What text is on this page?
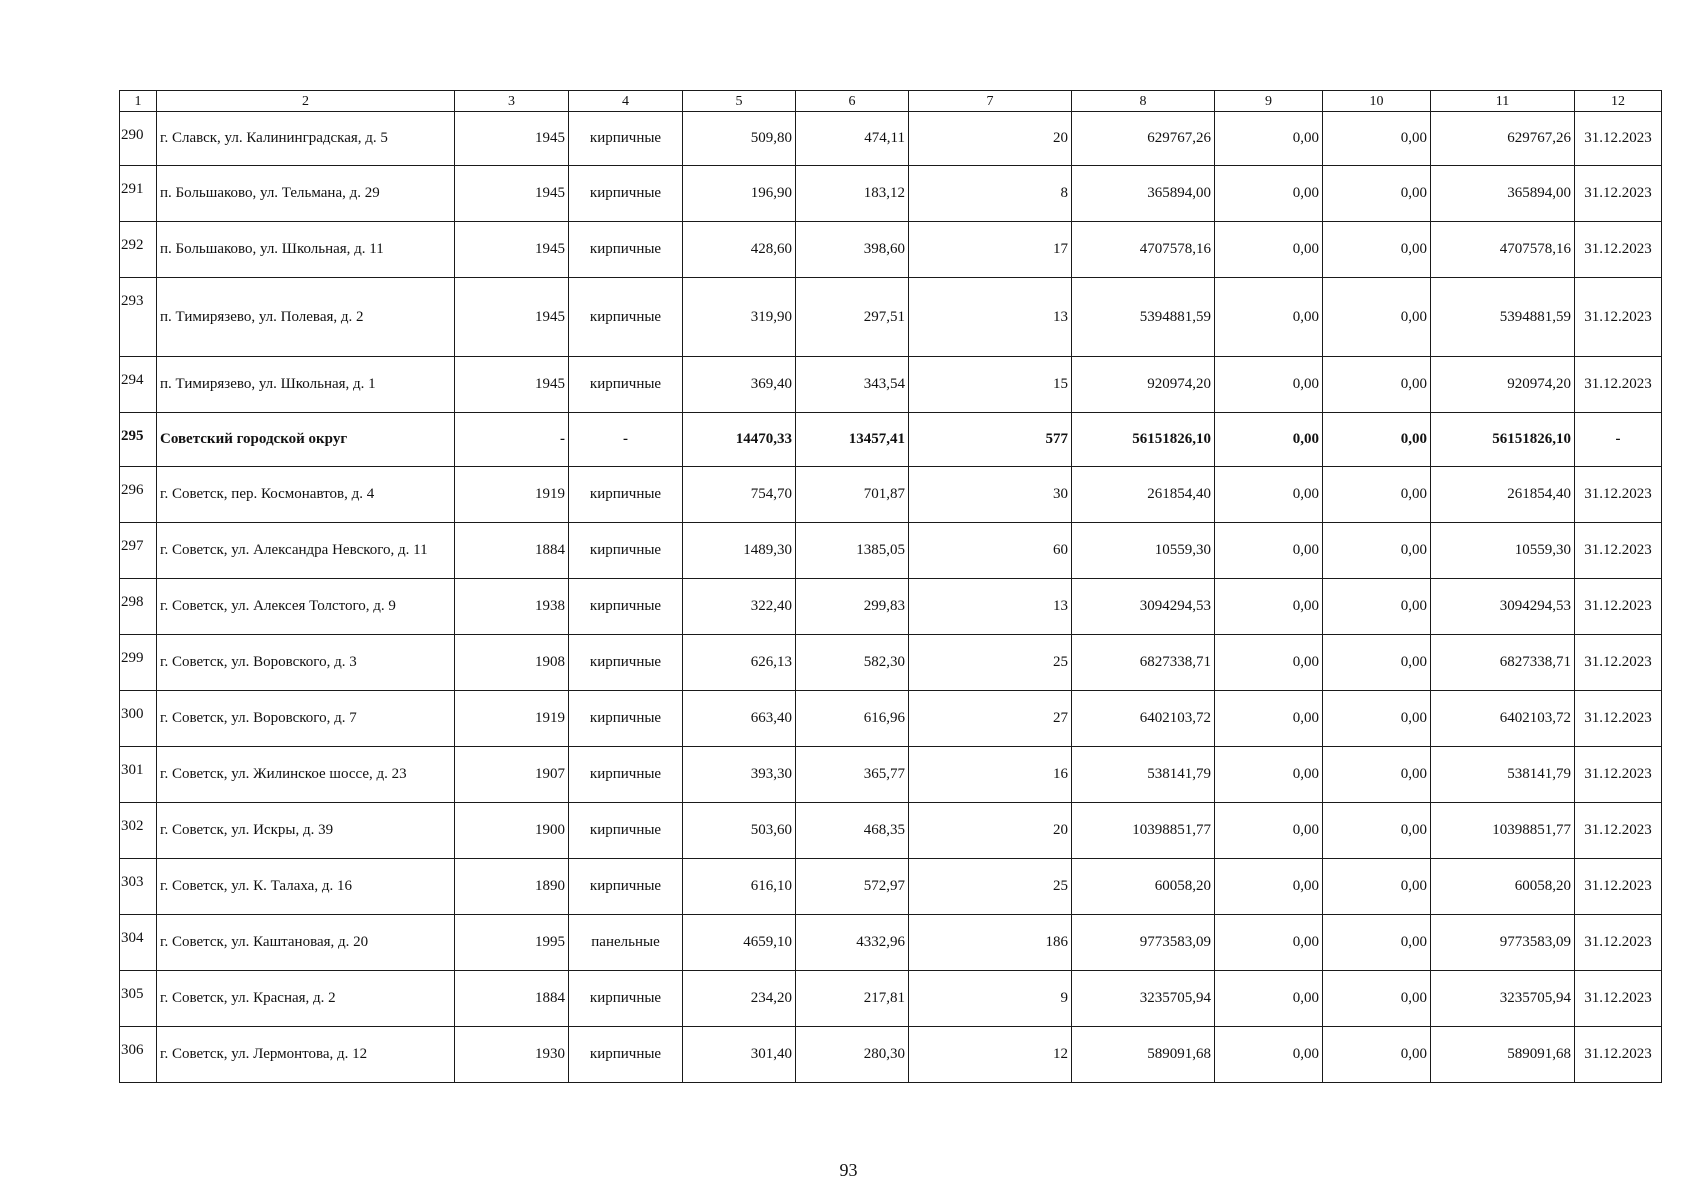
1	2	3	4	5	6	7	8	9	10	11	12
290	г. Славск, ул. Калининградская, д. 5	1945	кирпичные	509,80	474,11	20	629767,26	0,00	0,00	629767,26	31.12.2023
291	п. Большаково, ул. Тельмана, д. 29	1945	кирпичные	196,90	183,12	8	365894,00	0,00	0,00	365894,00	31.12.2023
292	п. Большаково, ул. Школьная, д. 11	1945	кирпичные	428,60	398,60	17	4707578,16	0,00	0,00	4707578,16	31.12.2023
293	п. Тимирязево, ул. Полевая, д. 2	1945	кирпичные	319,90	297,51	13	5394881,59	0,00	0,00	5394881,59	31.12.2023
294	п. Тимирязево, ул. Школьная, д. 1	1945	кирпичные	369,40	343,54	15	920974,20	0,00	0,00	920974,20	31.12.2023
295	Советский городской округ	-	-	14470,33	13457,41	577	56151826,10	0,00	0,00	56151826,10	-
296	г. Советск, пер. Космонавтов, д. 4	1919	кирпичные	754,70	701,87	30	261854,40	0,00	0,00	261854,40	31.12.2023
297	г. Советск, ул. Александра Невского, д. 11	1884	кирпичные	1489,30	1385,05	60	10559,30	0,00	0,00	10559,30	31.12.2023
298	г. Советск, ул. Алексея Толстого, д. 9	1938	кирпичные	322,40	299,83	13	3094294,53	0,00	0,00	3094294,53	31.12.2023
299	г. Советск, ул. Воровского, д. 3	1908	кирпичные	626,13	582,30	25	6827338,71	0,00	0,00	6827338,71	31.12.2023
300	г. Советск, ул. Воровского, д. 7	1919	кирпичные	663,40	616,96	27	6402103,72	0,00	0,00	6402103,72	31.12.2023
301	г. Советск, ул. Жилинское шоссе, д. 23	1907	кирпичные	393,30	365,77	16	538141,79	0,00	0,00	538141,79	31.12.2023
302	г. Советск, ул. Искры, д. 39	1900	кирпичные	503,60	468,35	20	10398851,77	0,00	0,00	10398851,77	31.12.2023
303	г. Советск, ул. К. Талаха, д. 16	1890	кирпичные	616,10	572,97	25	60058,20	0,00	0,00	60058,20	31.12.2023
304	г. Советск, ул. Каштановая, д. 20	1995	панельные	4659,10	4332,96	186	9773583,09	0,00	0,00	9773583,09	31.12.2023
305	г. Советск, ул. Красная, д. 2	1884	кирпичные	234,20	217,81	9	3235705,94	0,00	0,00	3235705,94	31.12.2023
306	г. Советск, ул. Лермонтова, д. 12	1930	кирпичные	301,40	280,30	12	589091,68	0,00	0,00	589091,68	31.12.2023
93
